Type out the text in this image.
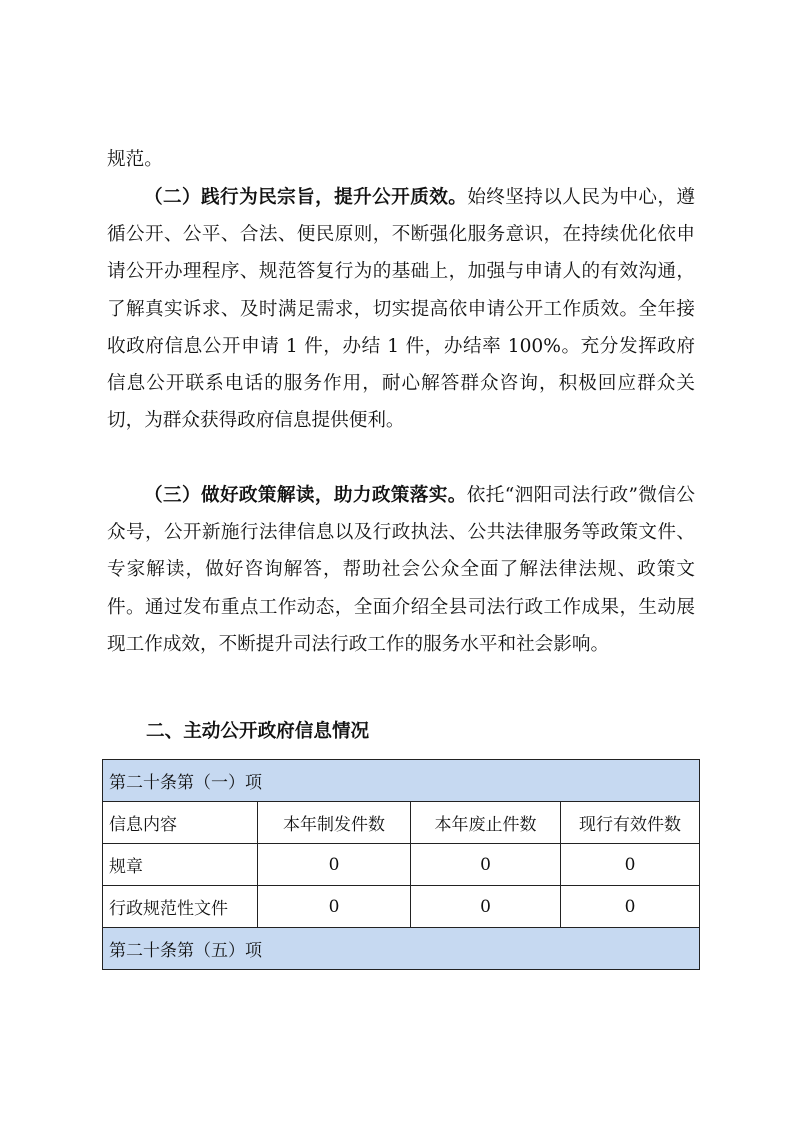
规范。

（二）践行为民宗旨，提升公开质效。始终坚持以人民为中心，遵循公开、公平、合法、便民原则，不断强化服务意识，在持续优化依申请公开办理程序、规范答复行为的基础上，加强与申请人的有效沟通，了解真实诉求、及时满足需求，切实提高依申请公开工作质效。全年接收政府信息公开申请 1 件，办结 1 件，办结率 100%。充分发挥政府信息公开联系电话的服务作用，耐心解答群众咨询，积极回应群众关切，为群众获得政府信息提供便利。

（三）做好政策解读，助力政策落实。依托“泗阳司法行政”微信公众号，公开新施行法律信息以及行政执法、公共法律服务等政策文件、专家解读，做好咨询解答，帮助社会公众全面了解法律法规、政策文件。通过发布重点工作动态，全面介绍全县司法行政工作成果，生动展现工作成效，不断提升司法行政工作的服务水平和社会影响。

二、主动公开政府信息情况
第二十条第（一）项			
信息内容	本年制发件数	本年废止件数	现行有效件数
规章	0	0	0
行政规范性文件	0	0	0
第二十条第（五）项			
